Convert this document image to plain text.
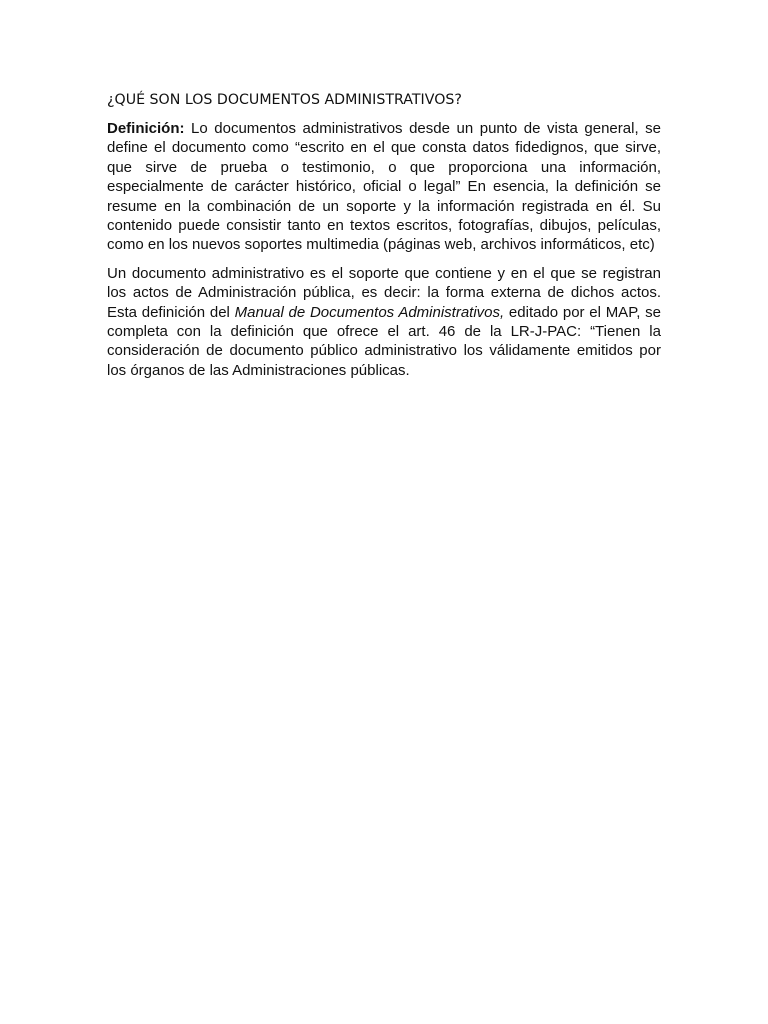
¿QUÉ SON LOS DOCUMENTOS ADMINISTRATIVOS?

Definición: Lo documentos administrativos desde un punto de vista general, se define el documento como “escrito en el que consta datos fidedignos, que sirve, que sirve de prueba o testimonio, o que proporciona una información, especialmente de carácter histórico, oficial o legal” En esencia, la definición se resume en la combinación de un soporte y la información registrada en él. Su contenido puede consistir tanto en textos escritos, fotografías, dibujos, películas, como en los nuevos soportes multimedia (páginas web, archivos informáticos, etc)

Un documento administrativo es el soporte que contiene y en el que se registran los actos de Administración pública, es decir: la forma externa de dichos actos. Esta definición del Manual de Documentos Administrativos, editado por el MAP, se completa con la definición que ofrece el art. 46 de la LR-J-PAC: “Tienen la consideración de documento público administrativo los válidamente emitidos por los órganos de las Administraciones públicas.
